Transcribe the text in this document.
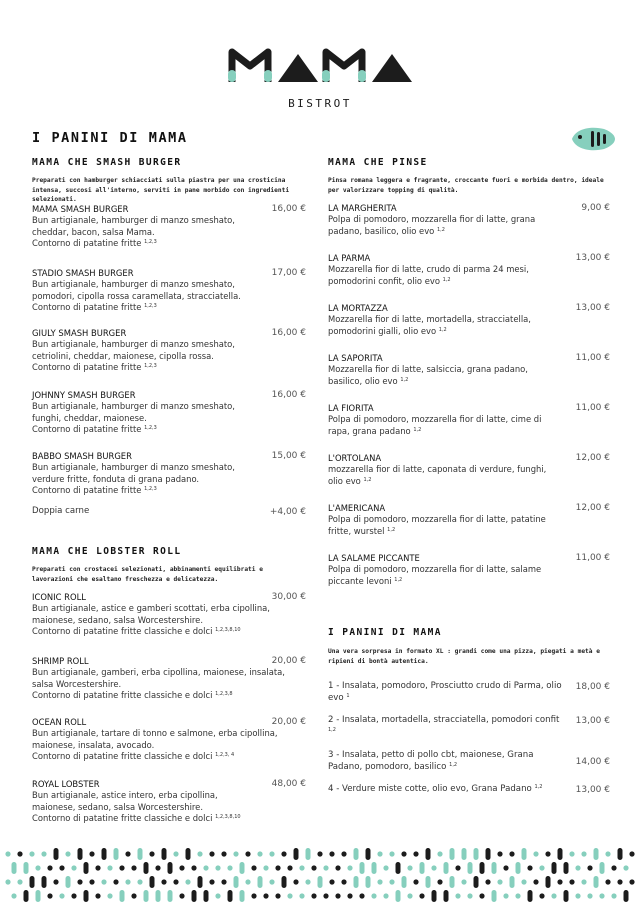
BISTROT
I PANINI DI MAMA
MAMA CHE SMASH BURGER
Preparati con hamburger schiacciati sulla piastra per una crosticina intensa, succosi all'interno, serviti in pane morbido con ingredienti selezionati.
MAMA SMASH BURGER	16,00 €
Bun artigianale, hamburger di manzo smeshato, cheddar, bacon, salsa Mama.
Contorno di patatine fritte $^{1,2,3}$
STADIO SMASH BURGER	17,00 €
Bun artigianale, hamburger di manzo smeshato, pomodori, cipolla rossa caramellata, stracciatella. Contorno di patatine fritte $^{1,2,3}$
GIULY SMASH BURGER	16,00 €
Bun artigianale, hamburger di manzo smeshato, cetriolini, cheddar, maionese, cipolla rossa.
Contorno di patatine fritte $^{1,2,3}$
JOHNNY SMASH BURGER	16,00 €
Bun artigianale, hamburger di manzo smeshato, funghi, cheddar, maionese.
Contorno di patatine fritte $^{1,2,3}$
BABBO SMASH BURGER	15,00 €
Bun artigianale, hamburger di manzo smeshato, verdure fritte, fonduta di grana padano.
Contorno di patatine fritte $^{1,2,3}$
Doppia carne	+4,00 €
MAMA CHE LOBSTER ROLL
Preparati con crostacei selezionati, abbinamenti equilibrati e lavorazioni che esaltano freschezza e delicatezza.
ICONIC ROLL	30,00 €
Bun artigianale, astice e gamberi scottati, erba cipollina, maionese, sedano, salsa Worcestershire.
Contorno di patatine fritte classiche e dolci $^{1,2,3,8,10}$
SHRIMP ROLL	20,00 €
Bun artigianale, gamberi, erba cipollina, maionese, insalata, salsa Worcestershire.
Contorno di patatine fritte classiche e dolci $^{1,2,3,8}$
OCEAN ROLL	20,00 €
Bun artigianale, tartare di tonno e salmone, erba cipollina, maionese, insalata, avocado.
Contorno di patatine fritte classiche e dolci $^{1,2,3, 4}$
ROYAL LOBSTER	48,00 €
Bun artigianale, astice intero, erba cipollina, maionese, sedano, salsa Worcestershire.
Contorno di patatine fritte classiche e dolci $^{1,2,3,8,10}$
MAMA CHE PINSE
Pinsa romana leggera e fragrante, croccante fuori e morbida dentro, ideale per valorizzare topping di qualità.
LA MARGHERITA	9,00 €
Polpa di pomodoro, mozzarella fior di latte, grana padano, basilico, olio evo $^{1,2}$
LA PARMA	13,00 €
Mozzarella fior di latte, crudo di parma 24 mesi, pomodorini confit, olio evo $^{1,2}$
LA MORTAZZA	13,00 €
Mozzarella fior di latte, mortadella, stracciatella, pomodorini gialli, olio evo $^{1,2}$
LA SAPORITA	11,00 €
Mozzarella fior di latte, salsiccia, grana padano, basilico, olio evo $^{1,2}$
LA FIORITA	11,00 €
Polpa di pomodoro, mozzarella fior di latte, cime di rapa, grana padano $^{1,2}$
L'ORTOLANA	12,00 €
mozzarella fior di latte, caponata di verdure, funghi, olio evo $^{1,2}$
L'AMERICANA	12,00 €
Polpa di pomodoro, mozzarella fior di latte, patatine fritte, wurstel $^{1,2}$
LA SALAME PICCANTE	11,00 €
Polpa di pomodoro, mozzarella fior di latte, salame piccante levoni $^{1,2}$
I PANINI DI MAMA
Una vera sorpresa in formato XL : grandi come una pizza, piegati a metà e ripieni di bontà autentica.
1 - Insalata, pomodoro, Prosciutto crudo di Parma, olio evo $^1$
18,00 €
2 - Insalata, mortadella, stracciatella, pomodori confit $^{1,2}$
13,00 €
3 - Insalata, petto di pollo cbt, maionese, Grana Padano, pomodoro, basilico $^{1,2}$	14,00 €
4 - Verdure miste cotte, olio evo, Grana Padano $^{1,2}$	13,00 €
